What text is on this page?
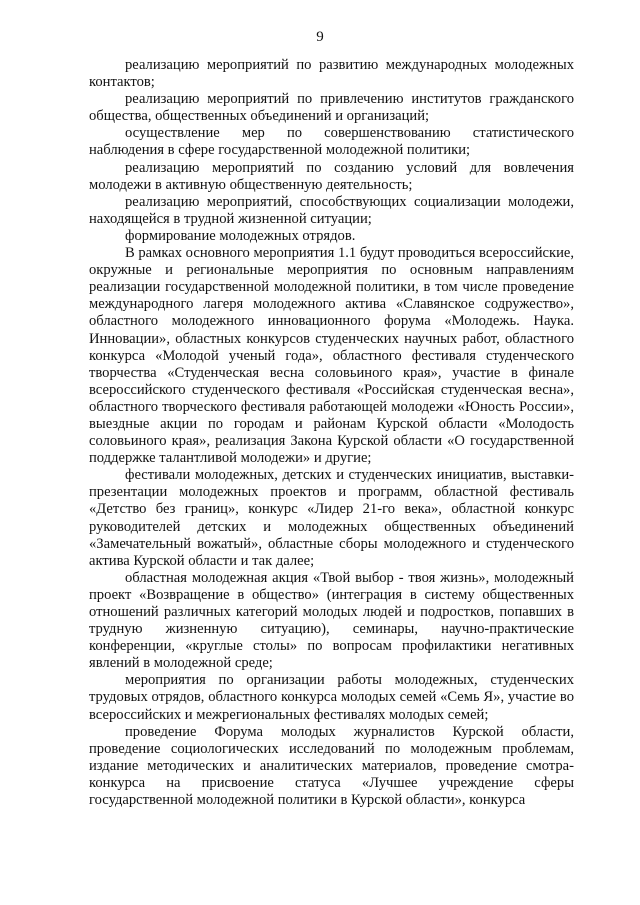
9

реализацию мероприятий по развитию международных молодежных контактов;

реализацию мероприятий по привлечению институтов гражданского общества, общественных объединений и организаций;

осуществление мер по совершенствованию статистического наблюдения в сфере государственной молодежной политики;

реализацию мероприятий по созданию условий для вовлечения молодежи в активную общественную деятельность;

реализацию мероприятий, способствующих социализации молодежи, находящейся в трудной жизненной ситуации;

формирование молодежных отрядов.

В рамках основного мероприятия 1.1 будут проводиться всероссийские, окружные и региональные мероприятия по основным направлениям реализации государственной молодежной политики, в том числе проведение международного лагеря молодежного актива «Славянское содружество», областного молодежного инновационного форума «Молодежь. Наука. Инновации», областных конкурсов студенческих научных работ, областного конкурса «Молодой ученый года», областного фестиваля студенческого творчества «Студенческая весна соловьиного края», участие в финале всероссийского студенческого фестиваля «Российская студенческая весна», областного творческого фестиваля работающей молодежи «Юность России», выездные акции по городам и районам Курской области «Молодость соловьиного края», реализация Закона Курской области «О государственной поддержке талантливой молодежи» и другие;

фестивали молодежных, детских и студенческих инициатив, выставки-презентации молодежных проектов и программ, областной фестиваль «Детство без границ», конкурс «Лидер 21-го века», областной конкурс руководителей детских и молодежных общественных объединений «Замечательный вожатый», областные сборы молодежного и студенческого актива Курской области и так далее;

областная молодежная акция «Твой выбор - твоя жизнь», молодежный проект «Возвращение в общество» (интеграция в систему общественных отношений различных категорий молодых людей и подростков, попавших в трудную жизненную ситуацию), семинары, научно-практические конференции, «круглые столы» по вопросам профилактики негативных явлений в молодежной среде;

мероприятия по организации работы молодежных, студенческих трудовых отрядов, областного конкурса молодых семей «Семь Я», участие во всероссийских и межрегиональных фестивалях молодых семей;

проведение Форума молодых журналистов Курской области, проведение социологических исследований по молодежным проблемам, издание методических и аналитических материалов, проведение смотра-конкурса на присвоение статуса «Лучшее учреждение сферы государственной молодежной политики в Курской области», конкурса
